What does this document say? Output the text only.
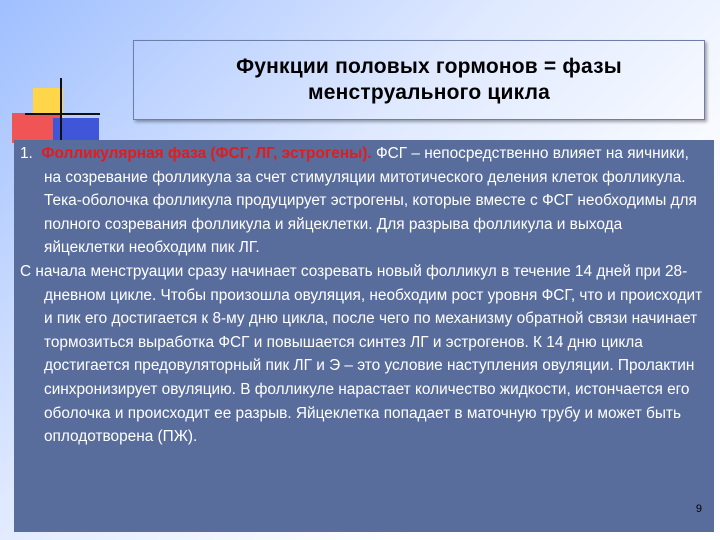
Функции половых гормонов = фазы менструального цикла

1. Фолликулярная фаза (ФСГ, ЛГ, эстрогены). ФСГ – непосредственно влияет на яичники, на созревание фолликула за счет стимуляции митотического деления клеток фолликула. Тека-оболочка фолликула продуцирует эстрогены, которые вместе с ФСГ необходимы для полного созревания фолликула и яйцеклетки. Для разрыва фолликула и выхода яйцеклетки необходим пик ЛГ.

С начала менструации сразу начинает созревать новый фолликул в течение 14 дней при 28-дневном цикле. Чтобы произошла овуляция, необходим рост уровня ФСГ, что и происходит и пик его достигается к 8-му дню цикла, после чего по механизму обратной связи начинает тормозиться выработка ФСГ и повышается синтез ЛГ и эстрогенов. К 14 дню цикла достигается предовуляторный пик ЛГ и Э – это условие наступления овуляции. Пролактин синхронизирует овуляцию. В фолликуле нарастает количество жидкости, истончается его оболочка и происходит ее разрыв. Яйцеклетка попадает в маточную трубу и может быть оплодотворена (ПЖ).

9
